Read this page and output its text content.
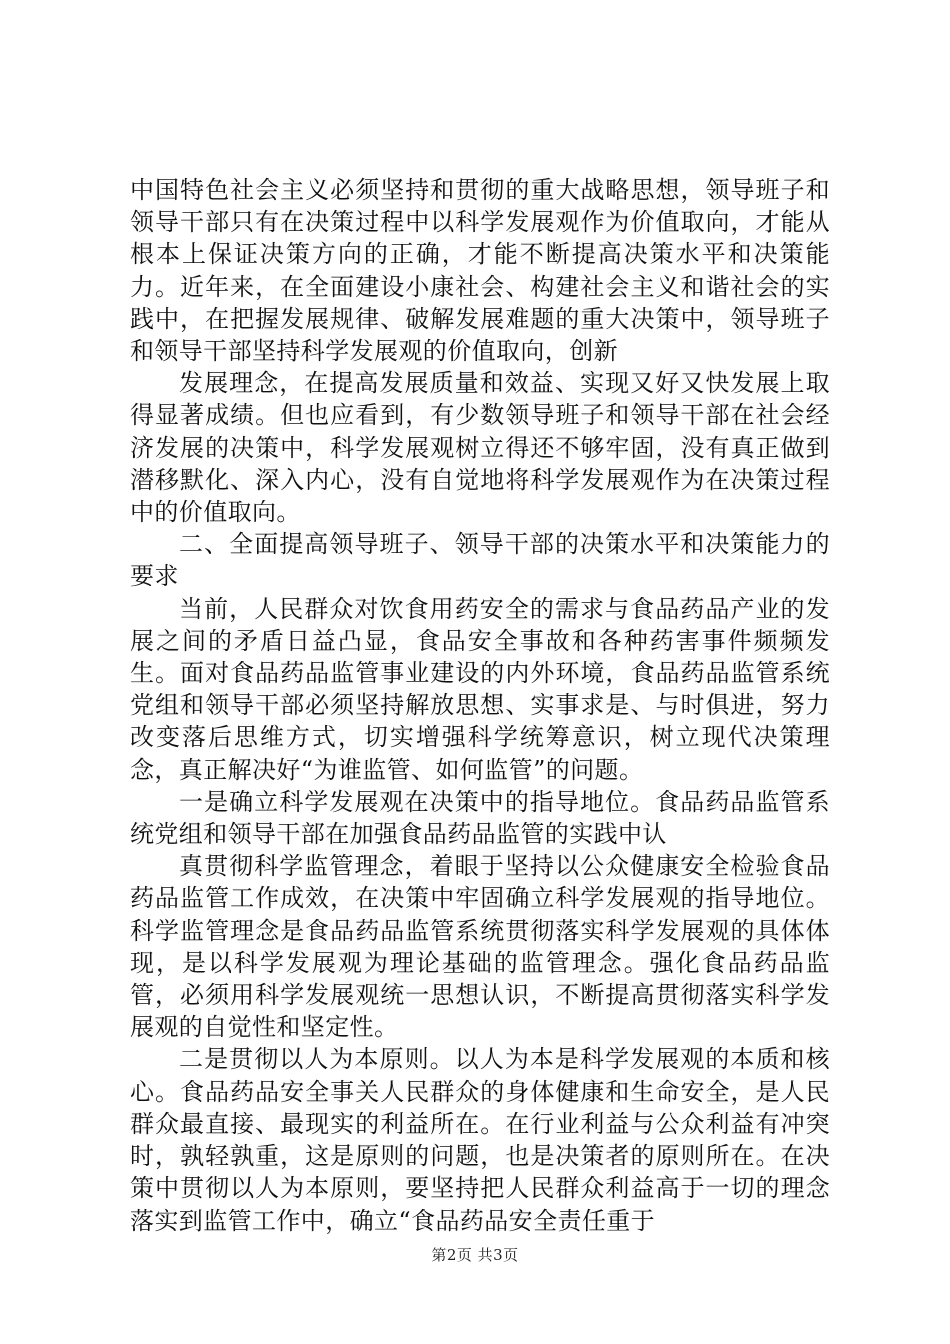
中国特色社会主义必须坚持和贯彻的重大战略思想，领导班子和领导干部只有在决策过程中以科学发展观作为价值取向，才能从根本上保证决策方向的正确，才能不断提高决策水平和决策能力。近年来，在全面建设小康社会、构建社会主义和谐社会的实践中，在把握发展规律、破解发展难题的重大决策中，领导班子和领导干部坚持科学发展观的价值取向，创新

发展理念，在提高发展质量和效益、实现又好又快发展上取得显著成绩。但也应看到，有少数领导班子和领导干部在社会经济发展的决策中，科学发展观树立得还不够牢固，没有真正做到潜移默化、深入内心，没有自觉地将科学发展观作为在决策过程中的价值取向。

二、全面提高领导班子、领导干部的决策水平和决策能力的要求

当前，人民群众对饮食用药安全的需求与食品药品产业的发展之间的矛盾日益凸显，食品安全事故和各种药害事件频频发生。面对食品药品监管事业建设的内外环境，食品药品监管系统党组和领导干部必须坚持解放思想、实事求是、与时俱进，努力改变落后思维方式，切实增强科学统筹意识，树立现代决策理念，真正解决好“为谁监管、如何监管”的问题。

一是确立科学发展观在决策中的指导地位。食品药品监管系统党组和领导干部在加强食品药品监管的实践中认

真贯彻科学监管理念，着眼于坚持以公众健康安全检验食品药品监管工作成效，在决策中牢固确立科学发展观的指导地位。科学监管理念是食品药品监管系统贯彻落实科学发展观的具体体现，是以科学发展观为理论基础的监管理念。强化食品药品监管，必须用科学发展观统一思想认识，不断提高贯彻落实科学发展观的自觉性和坚定性。

二是贯彻以人为本原则。以人为本是科学发展观的本质和核心。食品药品安全事关人民群众的身体健康和生命安全，是人民群众最直接、最现实的利益所在。在行业利益与公众利益有冲突时，孰轻孰重，这是原则的问题，也是决策者的原则所在。在决策中贯彻以人为本原则，要坚持把人民群众利益高于一切的理念落实到监管工作中，确立“食品药品安全责任重于

第2页 共3页
